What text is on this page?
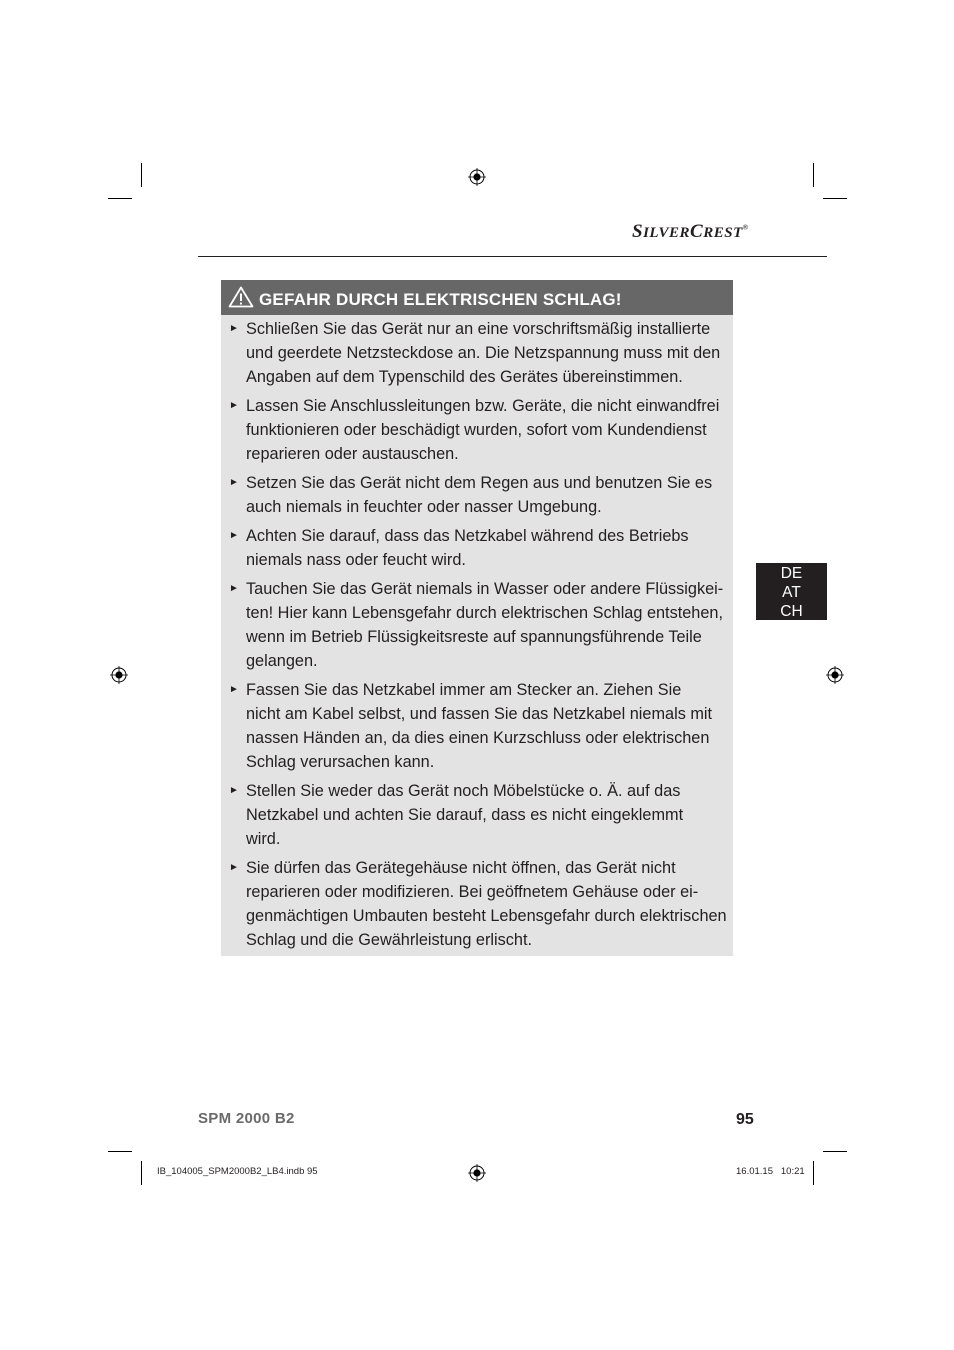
SILVERCREST®
GEFAHR DURCH ELEKTRISCHEN SCHLAG!
► Schließen Sie das Gerät nur an eine vorschriftsmäßig installierte
und geerdete Netzsteckdose an. Die Netzspannung muss mit den
Angaben auf dem Typenschild des Gerätes übereinstimmen.
► Lassen Sie Anschlussleitungen bzw. Geräte, die nicht einwandfrei
funktionieren oder beschädigt wurden, sofort vom Kundendienst
reparieren oder austauschen.
► Setzen Sie das Gerät nicht dem Regen aus und benutzen Sie es
auch niemals in feuchter oder nasser Umgebung.
► Achten Sie darauf, dass das Netzkabel während des Betriebs
niemals nass oder feucht wird.
► Tauchen Sie das Gerät niemals in Wasser oder andere Flüssigkei-
ten! Hier kann Lebensgefahr durch elektrischen Schlag entstehen,
wenn im Betrieb Flüssigkeitsreste auf spannungsführende Teile
gelangen.
► Fassen Sie das Netzkabel immer am Stecker an. Ziehen Sie
nicht am Kabel selbst, und fassen Sie das Netzkabel niemals mit
nassen Händen an, da dies einen Kurzschluss oder elektrischen
Schlag verursachen kann.
► Stellen Sie weder das Gerät noch Möbelstücke o. Ä. auf das
Netzkabel und achten Sie darauf, dass es nicht eingeklemmt
wird.
► Sie dürfen das Gerätegehäuse nicht öffnen, das Gerät nicht
reparieren oder modifizieren. Bei geöffnetem Gehäuse oder ei-
genmächtigen Umbauten besteht Lebensgefahr durch elektrischen
Schlag und die Gewährleistung erlischt.
DE
AT
CH
SPM 2000 B2	95
IB_104005_SPM2000B2_LB4.indb 95	16.01.15   10:21
